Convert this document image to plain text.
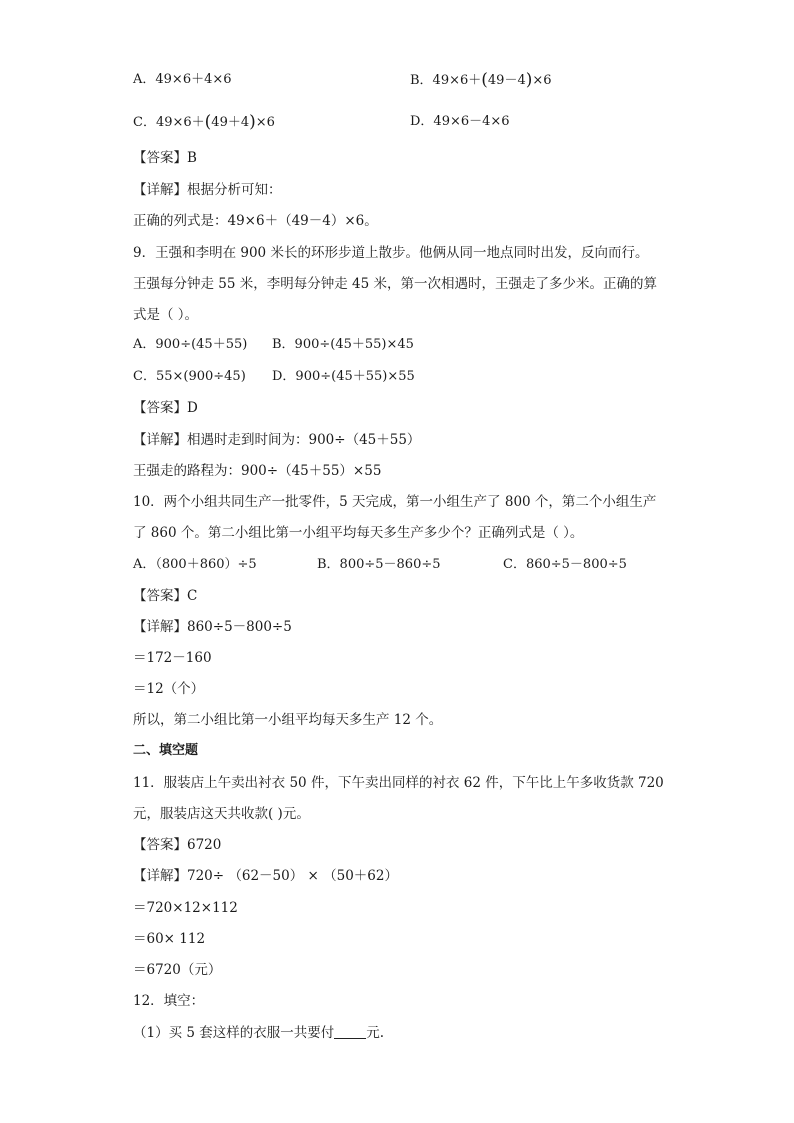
A．49×6＋4×6	B．49×6＋(49－4)×6
C．49×6＋(49＋4)×6	D．49×6－4×6
【答案】B
【详解】根据分析可知：
正确的列式是：49×6＋（49－4）×6。
9．王强和李明在 900 米长的环形步道上散步。他俩从同一地点同时出发，反向而行。
王强每分钟走 55 米，李明每分钟走 45 米，第一次相遇时，王强走了多少米。正确的算
式是（ ）。
A．900÷(45＋55) B．900÷(45＋55)×45
C．55×(900÷45) D．900÷(45＋55)×55
【答案】D
【详解】相遇时走到时间为：900÷（45＋55）
王强走的路程为：900÷（45＋55）×55
10．两个小组共同生产一批零件，5 天完成，第一小组生产了 800 个，第二个小组生产
了 860 个。第二小组比第一小组平均每天多生产多少个？正确列式是（ ）。
A．（800＋860）÷5	B．800÷5－860÷5	C．860÷5－800÷5
【答案】C
【详解】860÷5－800÷5
＝172－160
＝12（个）
所以，第二小组比第一小组平均每天多生产 12 个。
二、填空题
11．服装店上午卖出衬衣 50 件，下午卖出同样的衬衣 62 件，下午比上午多收货款 720
元，服装店这天共收款( )元。
【答案】6720
【详解】720÷ （62－50） × （50＋62）
＝720×12×112
＝60× 112
＝6720（元）
12．填空：
（1）买 5 套这样的衣服一共要付 元.
